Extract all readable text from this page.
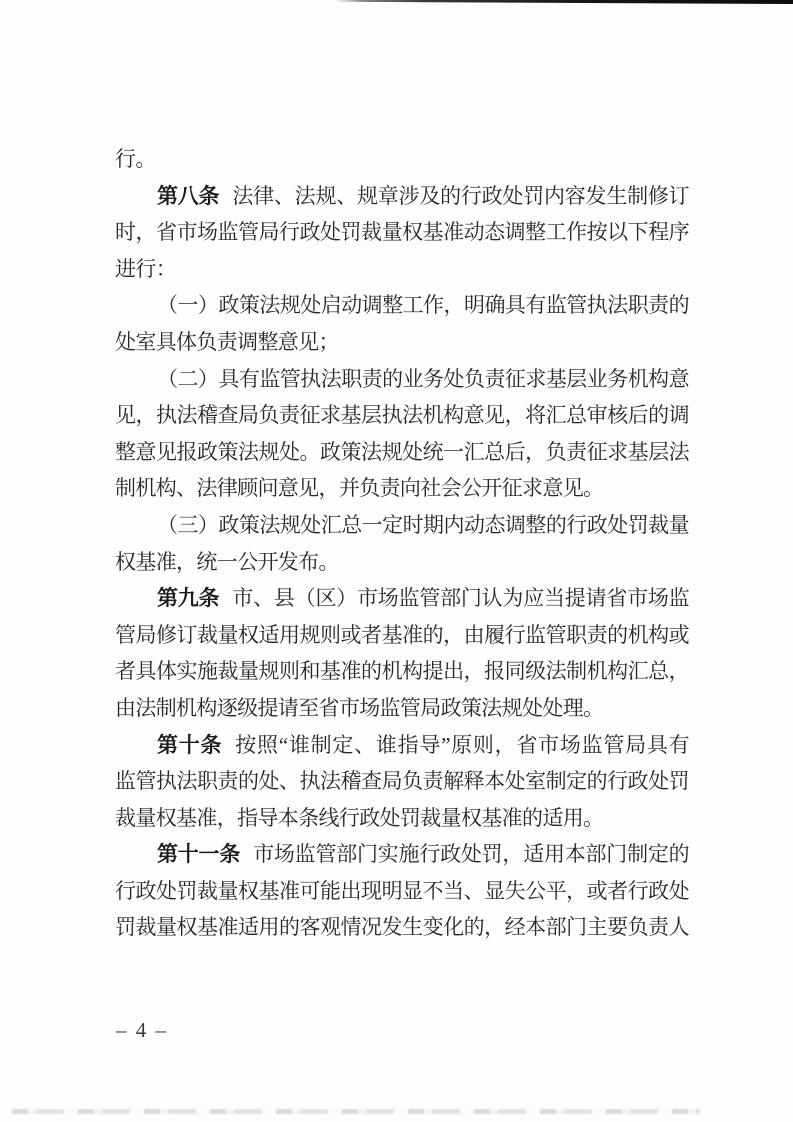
行。
第八条 法律、法规、规章涉及的行政处罚内容发生制修订
时，省市场监管局行政处罚裁量权基准动态调整工作按以下程序
进行：
（一）政策法规处启动调整工作，明确具有监管执法职责的
处室具体负责调整意见；
（二）具有监管执法职责的业务处负责征求基层业务机构意
见，执法稽查局负责征求基层执法机构意见，将汇总审核后的调
整意见报政策法规处。政策法规处统一汇总后，负责征求基层法
制机构、法律顾问意见，并负责向社会公开征求意见。
（三）政策法规处汇总一定时期内动态调整的行政处罚裁量
权基准，统一公开发布。
第九条 市、县（区）市场监管部门认为应当提请省市场监
管局修订裁量权适用规则或者基准的，由履行监管职责的机构或
者具体实施裁量规则和基准的机构提出，报同级法制机构汇总，
由法制机构逐级提请至省市场监管局政策法规处处理。
第十条 按照“谁制定、谁指导”原则，省市场监管局具有
监管执法职责的处、执法稽查局负责解释本处室制定的行政处罚
裁量权基准，指导本条线行政处罚裁量权基准的适用。
第十一条 市场监管部门实施行政处罚，适用本部门制定的
行政处罚裁量权基准可能出现明显不当、显失公平，或者行政处
罚裁量权基准适用的客观情况发生变化的，经本部门主要负责人
– 4 –
